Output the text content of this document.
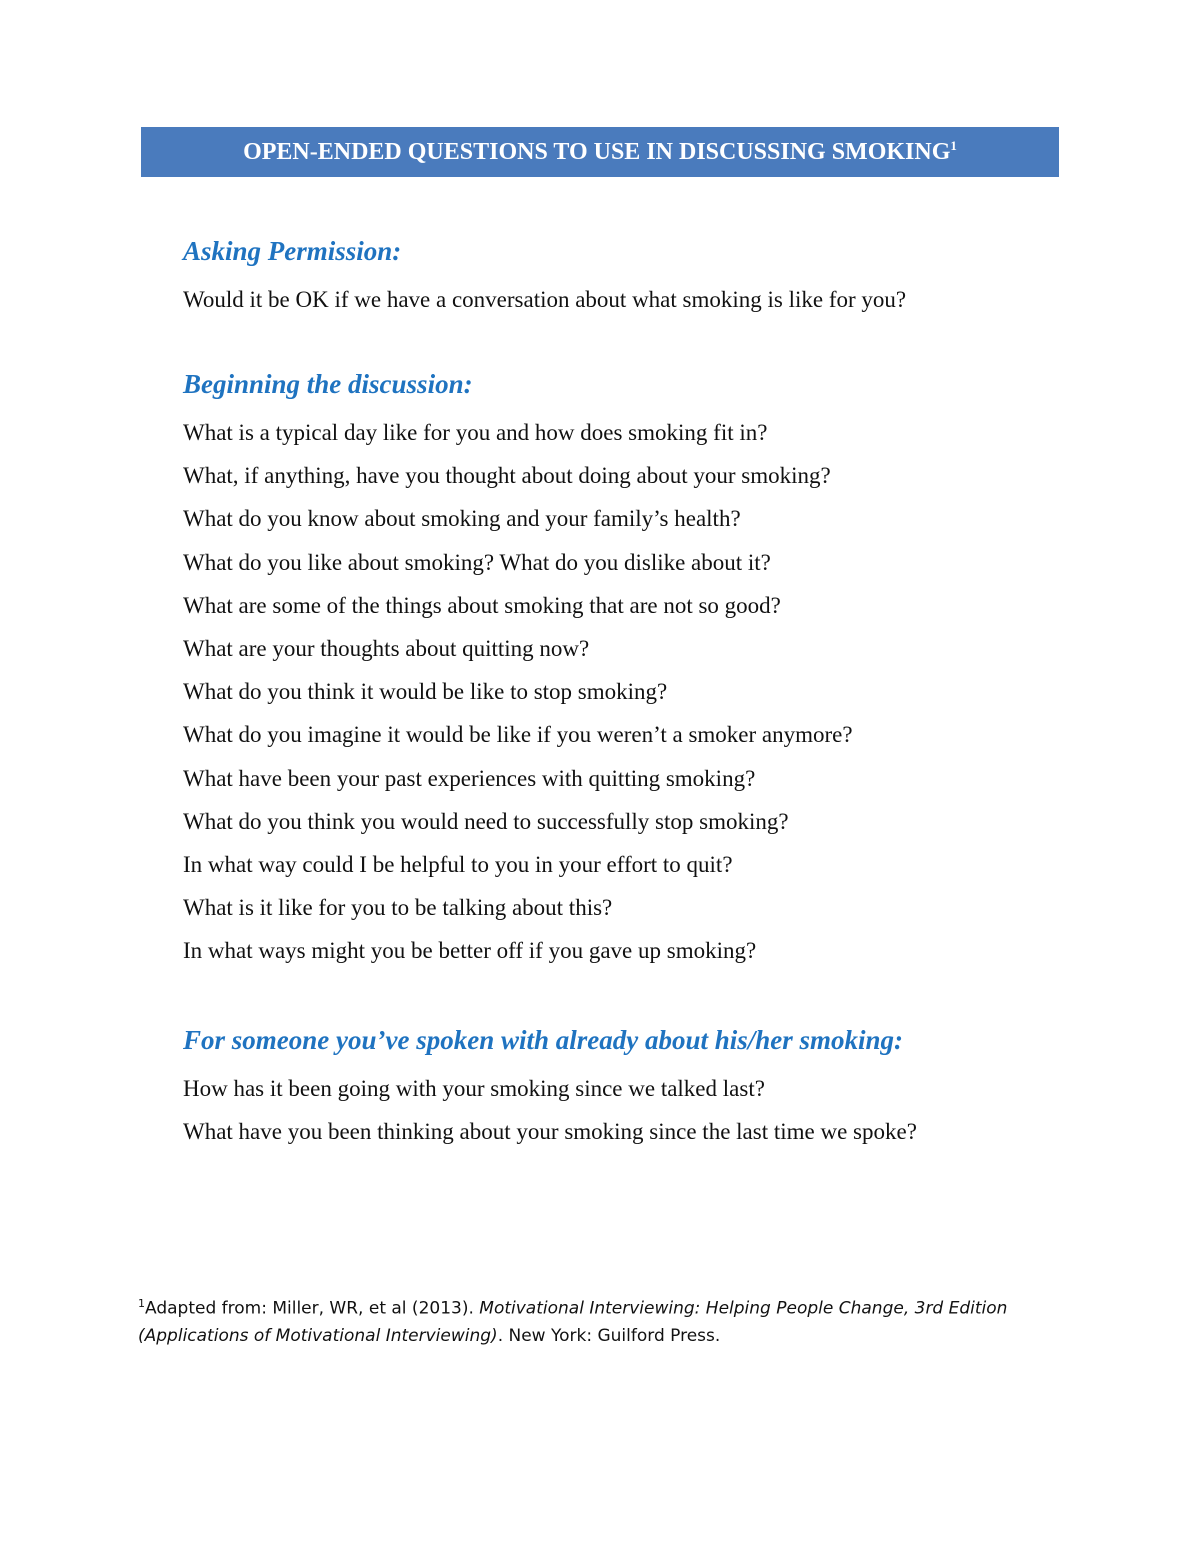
OPEN-ENDED QUESTIONS TO USE IN DISCUSSING SMOKING$^1$
Asking Permission:
Would it be OK if we have a conversation about what smoking is like for you?
Beginning the discussion:
What is a typical day like for you and how does smoking fit in?
What, if anything, have you thought about doing about your smoking?
What do you know about smoking and your family’s health?
What do you like about smoking? What do you dislike about it?
What are some of the things about smoking that are not so good?
What are your thoughts about quitting now?
What do you think it would be like to stop smoking?
What do you imagine it would be like if you weren’t a smoker anymore?
What have been your past experiences with quitting smoking?
What do you think you would need to successfully stop smoking?
In what way could I be helpful to you in your effort to quit?
What is it like for you to be talking about this?
In what ways might you be better off if you gave up smoking?
For someone you’ve spoken with already about his/her smoking:
How has it been going with your smoking since we talked last?
What have you been thinking about your smoking since the last time we spoke?
$^1$Adapted from: Miller, WR, et al (2013). Motivational Interviewing: Helping People Change, 3rd Edition (Applications of Motivational Interviewing). New York: Guilford Press.
